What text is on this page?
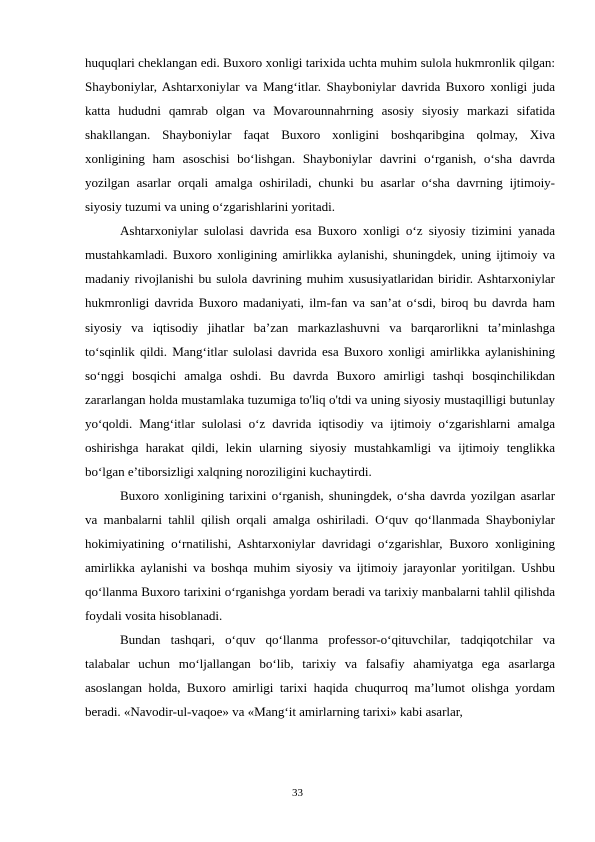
huquqlari cheklangan edi. Buxoro xonligi tarixida uchta muhim sulola hukmronlik qilgan: Shayboniylar, Ashtarxoniylar va Mang‘itlar. Shayboniylar davrida Buxoro xonligi juda katta hududni qamrab olgan va Movarounnahrning asosiy siyosiy markazi sifatida shakllangan. Shayboniylar faqat Buxoro xonligini boshqaribgina qolmay, Xiva xonligining ham asoschisi bo‘lishgan. Shayboniylar davrini o‘rganish, o‘sha davrda yozilgan asarlar orqali amalga oshiriladi, chunki bu asarlar o‘sha davrning ijtimoiy-siyosiy tuzumi va uning o‘zgarishlarini yoritadi.

Ashtarxoniylar sulolasi davrida esa Buxoro xonligi o‘z siyosiy tizimini yanada mustahkamladi. Buxoro xonligining amirlikka aylanishi, shuningdek, uning ijtimoiy va madaniy rivojlanishi bu sulola davrining muhim xususiyatlaridan biridir. Ashtarxoniylar hukmronligi davrida Buxoro madaniyati, ilm-fan va san’at o‘sdi, biroq bu davrda ham siyosiy va iqtisodiy jihatlar ba’zan markazlashuvni va barqarorlikni ta’minlashga to‘sqinlik qildi. Mang‘itlar sulolasi davrida esa Buxoro xonligi amirlikka aylanishining so‘nggi bosqichi amalga oshdi. Bu davrda Buxoro amirligi tashqi bosqinchilikdan zararlangan holda mustamlaka tuzumiga to'liq o'tdi va uning siyosiy mustaqilligi butunlay yo‘qoldi. Mang‘itlar sulolasi o‘z davrida iqtisodiy va ijtimoiy o‘zgarishlarni amalga oshirishga harakat qildi, lekin ularning siyosiy mustahkamligi va ijtimoiy tenglikka bo‘lgan e’tiborsizligi xalqning noroziligini kuchaytirdi.

Buxoro xonligining tarixini o‘rganish, shuningdek, o‘sha davrda yozilgan asarlar va manbalarni tahlil qilish orqali amalga oshiriladi. O‘quv qo‘llanmada Shayboniylar hokimiyatining o‘rnatilishi, Ashtarxoniylar davridagi o‘zgarishlar, Buxoro xonligining amirlikka aylanishi va boshqa muhim siyosiy va ijtimoiy jarayonlar yoritilgan. Ushbu qo‘llanma Buxoro tarixini o‘rganishga yordam beradi va tarixiy manbalarni tahlil qilishda foydali vosita hisoblanadi.

Bundan tashqari, o‘quv qo‘llanma professor-o‘qituvchilar, tadqiqotchilar va talabalar uchun mo‘ljallangan bo‘lib, tarixiy va falsafiy ahamiyatga ega asarlarga asoslangan holda, Buxoro amirligi tarixi haqida chuqurroq ma’lumot olishga yordam beradi. «Navodir-ul-vaqoe» va «Mang‘it amirlarning tarixi» kabi asarlar,

33
